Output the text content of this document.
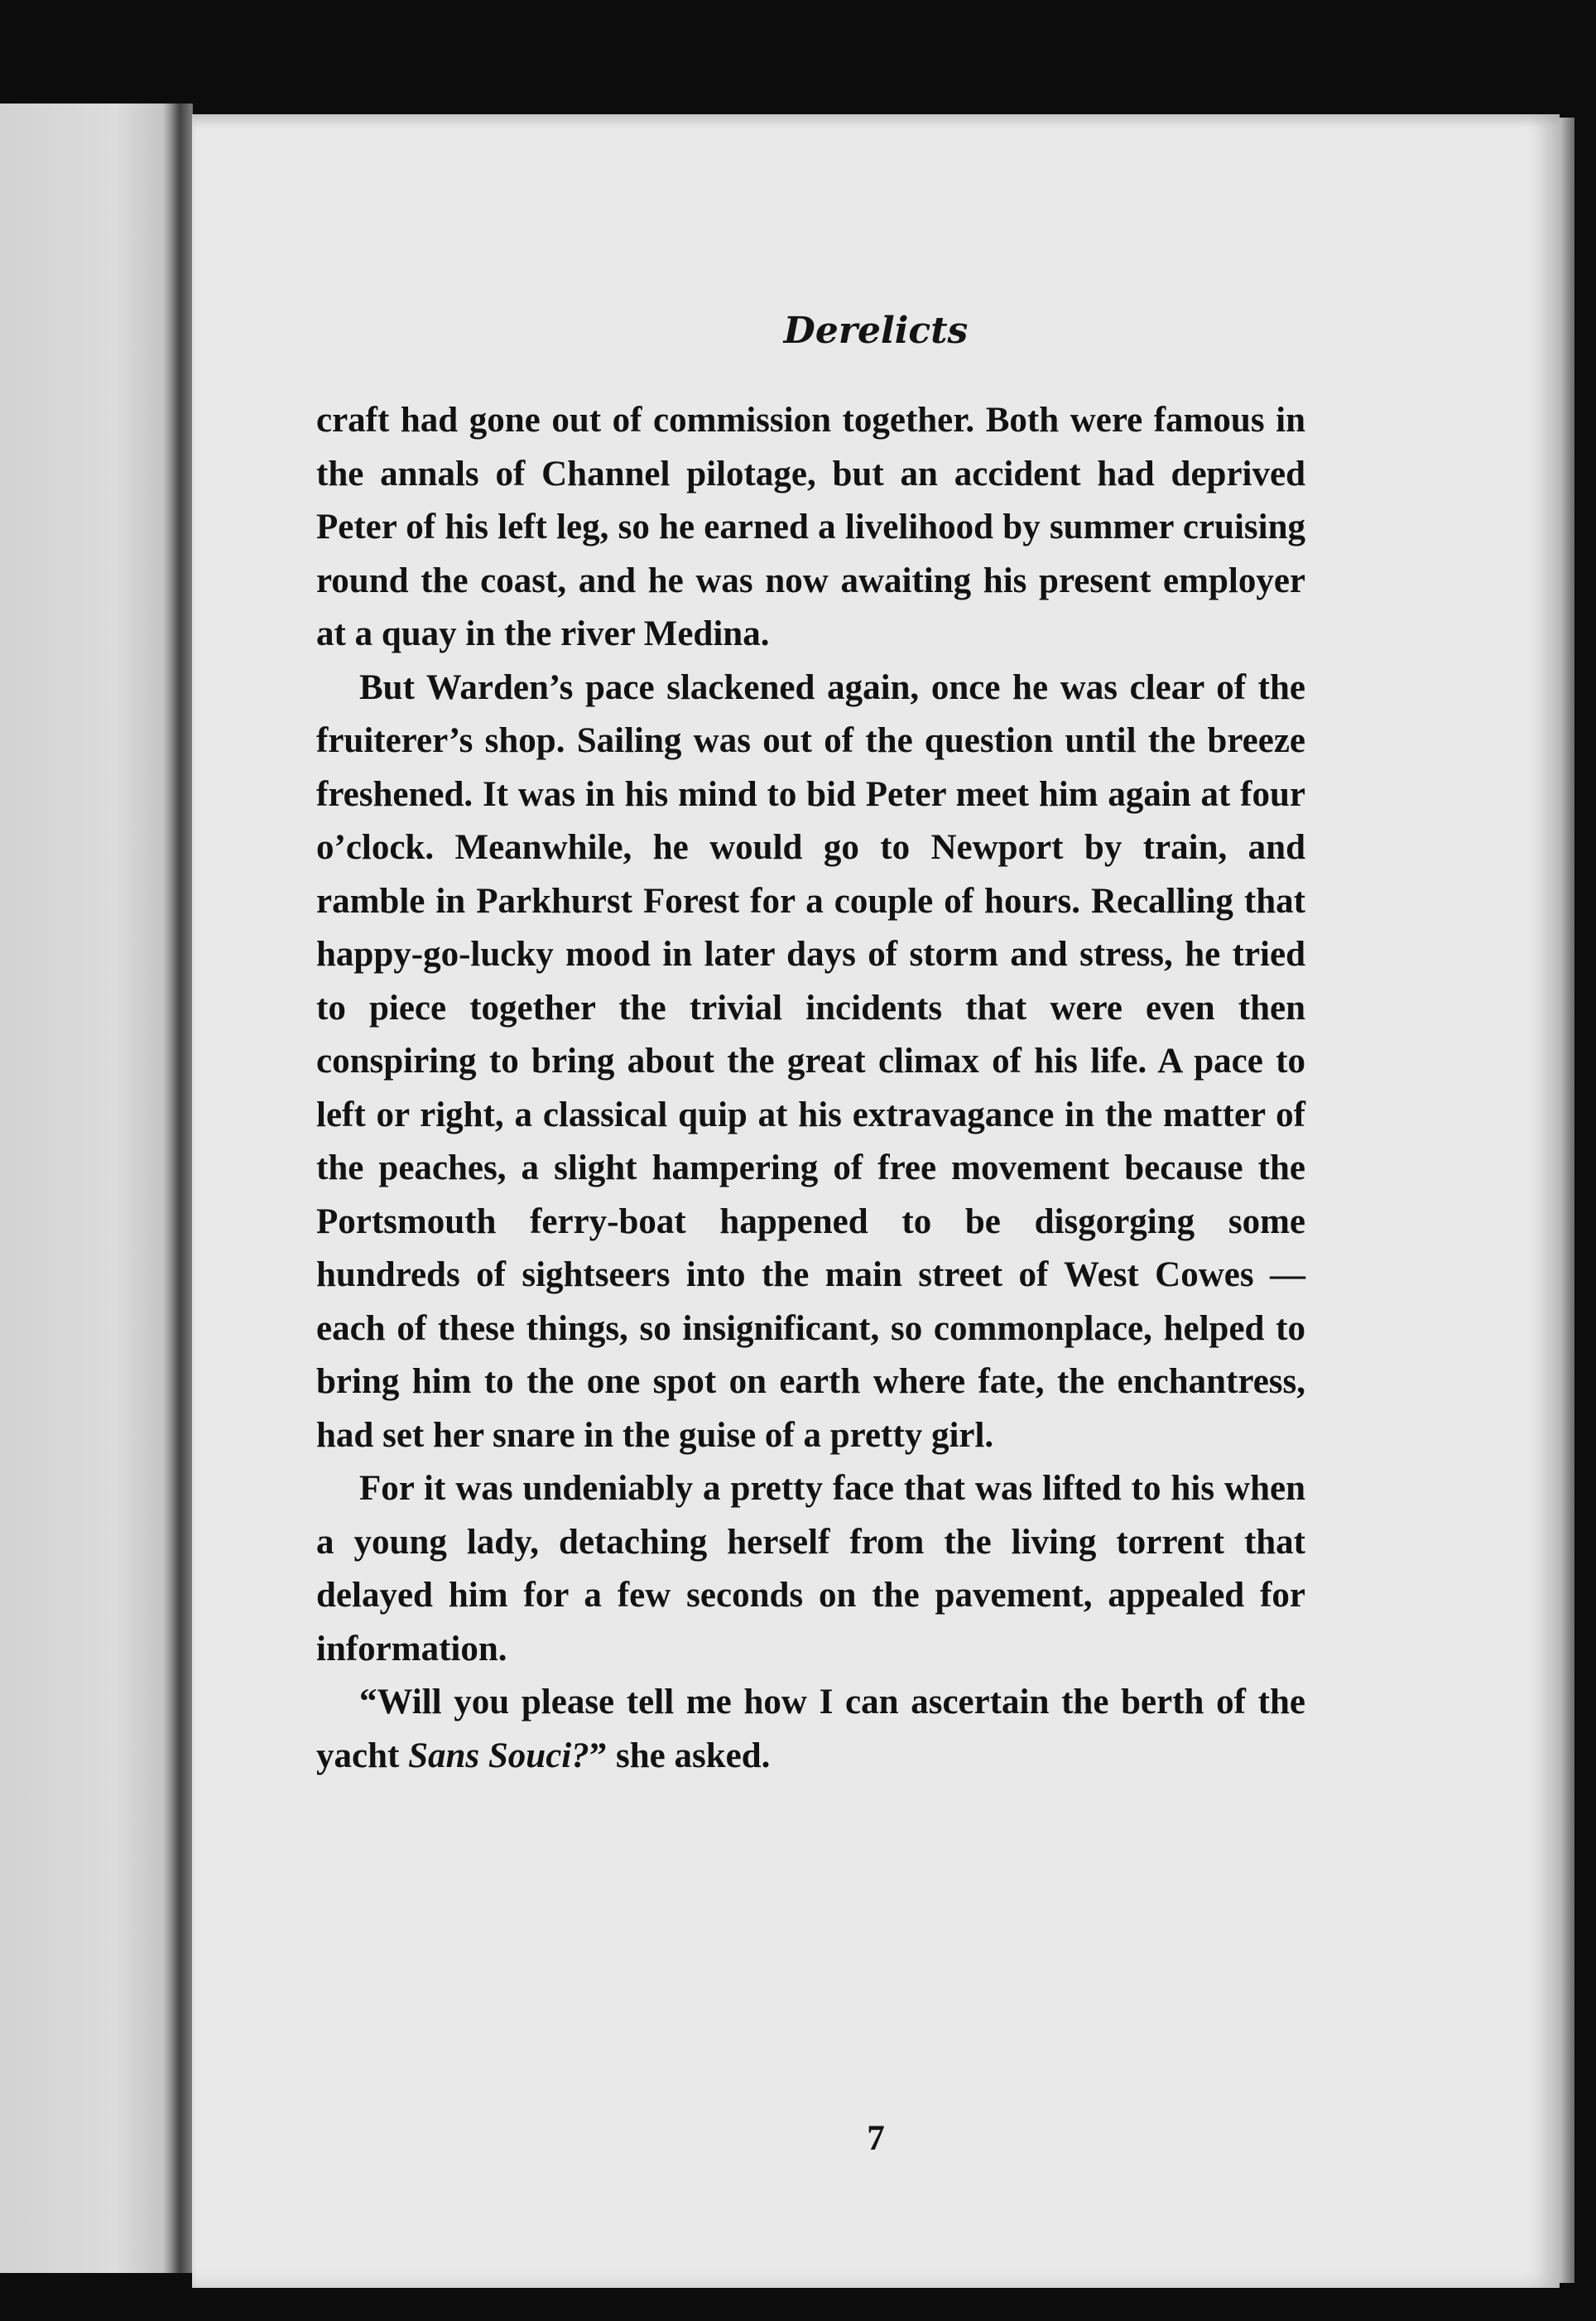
Derelicts

craft had gone out of commission together. Both were famous in the annals of Channel pilotage, but an accident had deprived Peter of his left leg, so he earned a livelihood by summer cruising round the coast, and he was now awaiting his present employer at a quay in the river Medina.

But Warden’s pace slackened again, once he was clear of the fruiterer’s shop. Sailing was out of the question until the breeze freshened. It was in his mind to bid Peter meet him again at four o’clock. Meanwhile, he would go to Newport by train, and ramble in Parkhurst Forest for a couple of hours. Recalling that happy-go-lucky mood in later days of storm and stress, he tried to piece together the trivial incidents that were even then conspiring to bring about the great climax of his life. A pace to left or right, a classical quip at his extravagance in the matter of the peaches, a slight hampering of free movement because the Portsmouth ferry-boat happened to be disgorging some hundreds of sightseers into the main street of West Cowes — each of these things, so insignificant, so commonplace, helped to bring him to the one spot on earth where fate, the enchantress, had set her snare in the guise of a pretty girl.

For it was undeniably a pretty face that was lifted to his when a young lady, detaching herself from the living torrent that delayed him for a few seconds on the pavement, appealed for information.

“Will you please tell me how I can ascertain the berth of the yacht Sans Souci?” she asked.

7
